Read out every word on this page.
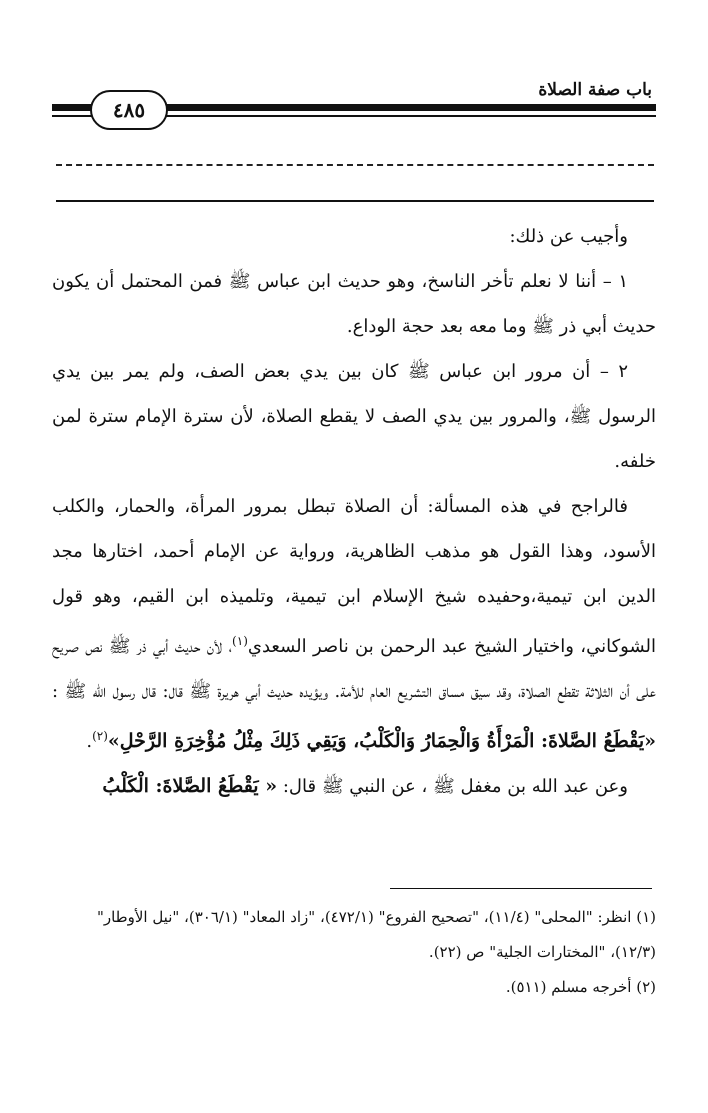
باب صفة الصلاة
٤٨٥

وأجيب عن ذلك:

١ – أننا لا نعلم تأخر الناسخ، وهو حديث ابن عباس ﷺ فمن المحتمل أن يكون حديث أبي ذر ﷺ وما معه بعد حجة الوداع.

٢ – أن مرور ابن عباس ﷺ كان بين يدي بعض الصف، ولم يمر بين يدي الرسول ﷺ، والمرور بين يدي الصف لا يقطع الصلاة، لأن سترة الإمام سترة لمن خلفه.

فالراجح في هذه المسألة: أن الصلاة تبطل بمرور المرأة، والحمار، والكلب الأسود، وهذا القول هو مذهب الظاهرية، ورواية عن الإمام أحمد، اختارها مجد الدين ابن تيمية،وحفيده شيخ الإسلام ابن تيمية، وتلميذه ابن القيم، وهو قول الشوكاني، واختيار الشيخ عبد الرحمن بن ناصر السعدي$^{(١)}$، لأن حديث أبي ذر ﷺ نص صريح على أن الثلاثة تقطع الصلاة، وقد سيق مساق التشريع العام للأمة. ويؤيده حديث أبي هريرة ﷺ قال: قال رسول الله ﷺ : «يَقْطَعُ الصَّلاةَ: الْمَرْأَةُ وَالْحِمَارُ وَالْكَلْبُ، وَيَقِي ذَلِكَ مِثْلُ مُؤْخِرَةِ الرَّحْلِ»$^{(٢)}$.

وعن عبد الله بن مغفل ﷺ ، عن النبي ﷺ قال: « يَقْطَعُ الصَّلاةَ: الْكَلْبُ

(١) انظر: "المحلى" (١١/٤)، "تصحيح الفروع" (٤٧٢/١)، "زاد المعاد" (٣٠٦/١)، "نيل الأوطار" (١٢/٣)، "المختارات الجلية" ص (٢٢).

(٢) أخرجه مسلم (٥١١).
